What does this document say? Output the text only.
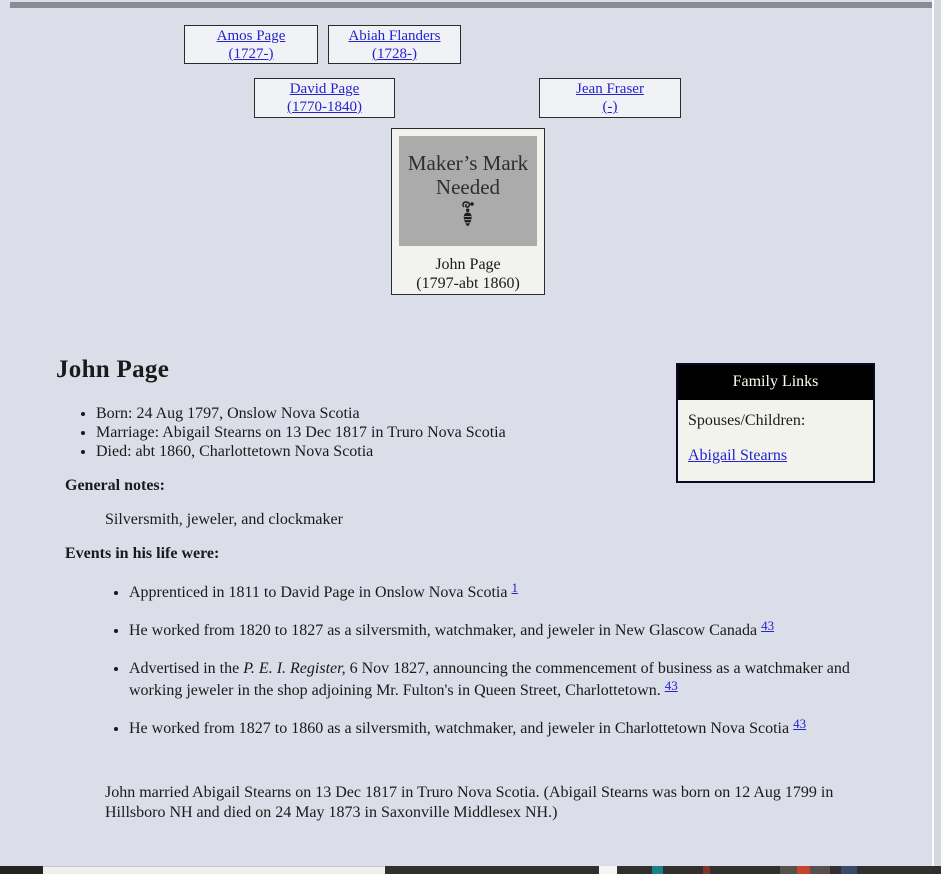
Amos Page
(1727-)
Abiah Flanders
(1728-)
David Page
(1770-1840)
Jean Fraser
(-)
Maker’s Mark
Needed
John Page
(1797-abt 1860)
John Page
• Born: 24 Aug 1797, Onslow Nova Scotia
• Marriage: Abigail Stearns on 13 Dec 1817 in Truro Nova Scotia
• Died: abt 1860, Charlottetown Nova Scotia
Family Links
Spouses/Children:
Abigail Stearns
General notes:
Silversmith, jeweler, and clockmaker
Events in his life were:
• Apprenticed in 1811 to David Page in Onslow Nova Scotia $^1$
• He worked from 1820 to 1827 as a silversmith, watchmaker, and jeweler in New Glascow Canada $^{43}$
• Advertised in the P. E. I. Register, 6 Nov 1827, announcing the commencement of business as a watchmaker and working jeweler in the shop adjoining Mr. Fulton's in Queen Street, Charlottetown. $^{43}$
• He worked from 1827 to 1860 as a silversmith, watchmaker, and jeweler in Charlottetown Nova Scotia $^{43}$

John married Abigail Stearns on 13 Dec 1817 in Truro Nova Scotia. (Abigail Stearns was born on 12 Aug 1799 in Hillsboro NH and died on 24 May 1873 in Saxonville Middlesex NH.)
